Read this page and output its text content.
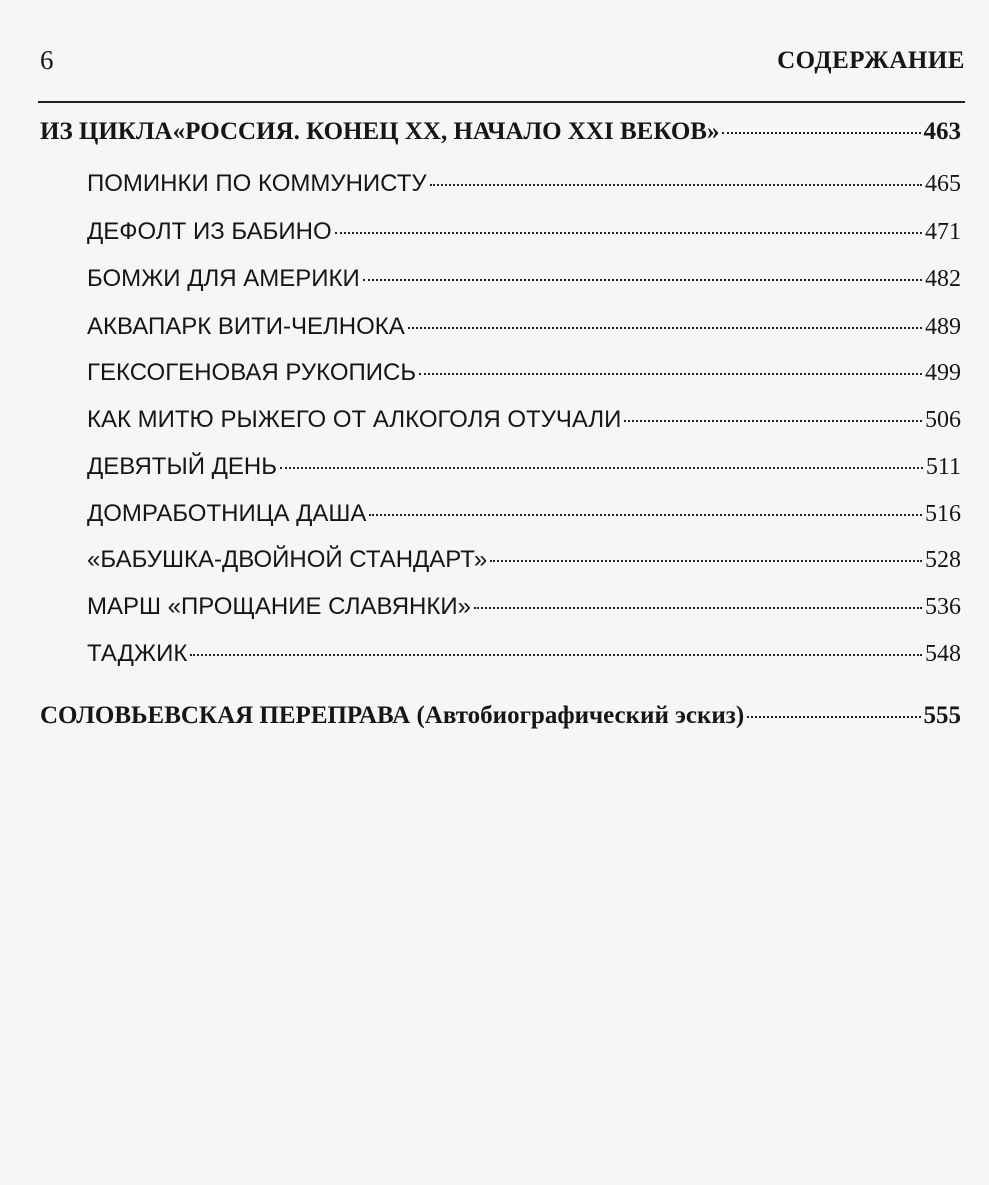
6	СОДЕРЖАНИЕ
ИЗ ЦИКЛА«РОССИЯ. КОНЕЦ XX, НАЧАЛО XXI ВЕКОВ»	463
ПОМИНКИ ПО КОММУНИСТУ	465
ДЕФОЛТ ИЗ БАБИНО	471
БОМЖИ ДЛЯ АМЕРИКИ	482
АКВАПАРК ВИТИ-ЧЕЛНОКА	489
ГЕКСОГЕНОВАЯ РУКОПИСЬ	499
КАК МИТЮ РЫЖЕГО ОТ АЛКОГОЛЯ ОТУЧАЛИ	506
ДЕВЯТЫЙ ДЕНЬ	511
ДОМРАБОТНИЦА ДАША	516
«БАБУШКА-ДВОЙНОЙ СТАНДАРТ»	528
МАРШ «ПРОЩАНИЕ СЛАВЯНКИ»	536
ТАДЖИК	548
СОЛОВЬЕВСКАЯ ПЕРЕПРАВА (Автобиографический эскиз)	555
